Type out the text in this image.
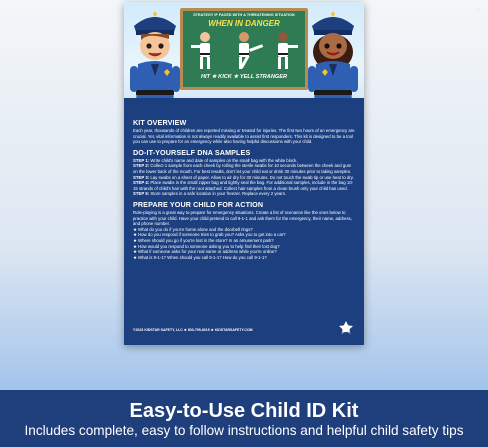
·
STRATEGY IF FACED WITH A THREATENING SITUATION
WHEN IN DANGER
HIT ★ KICK ★ YELL STRANGER
KIT OVERVIEW
Each year, thousands of children are reported missing or treated for injuries. The first two hours of an emergency are crucial. Yet, vital information is not always readily available to assist first responders. This kit is designed to be a tool you can use to prepare for an emergency while also having helpful discussions with your child.
DO-IT-YOURSELF DNA SAMPLES
STEP 1: Write child's name and date of samples on the small bag with the white block.
STEP 2: Collect 1 sample from each cheek by rolling the sterile swabs for 10 seconds between the cheek and gum on the lower back of the mouth. For best results, don't let your child eat or drink 30 minutes prior to taking samples.
STEP 3: Lay swabs on a sheet of paper. Allow to air dry for 30 minutes. Do not touch the swab tip or use heat to dry.
STEP 4: Place swabs in the small zipper bag and tightly seal the bag. For additional samples, include in the bag 10-15 strands of child's hair with the root attached. Collect hair samples from a clean brush only your child has used.
STEP 5: Store samples in a safe location in your freezer. Replace every 2 years.
PREPARE YOUR CHILD FOR ACTION
Role-playing is a great way to prepare for emergency situations. Create a list of scenarios like the ones below to practice with your child. Have your child pretend to call 9-1-1 and ask them for the emergency, their name, address, and phone number.
★ What do you do if you're home alone and the doorbell rings?
★ How do you respond if someone tries to grab you? Asks you to get into a car?
★ Where should you go if you're lost in the store? In an amusement park?
★ How would you respond to someone asking you to help find their lost dog?
★ What if someone asks for your real name or address while you're online?
★ What is 9-1-1? When should you call 9-1-1? How do you call 9-1-1?
©2023 KIDSTAR SAFETY, LLC ★ 800-795-6015 ★ KIDSTARSAFETY.COM
KidStar Safety
Easy-to-Use Child ID Kit
Includes complete, easy to follow instructions and helpful child safety tips
